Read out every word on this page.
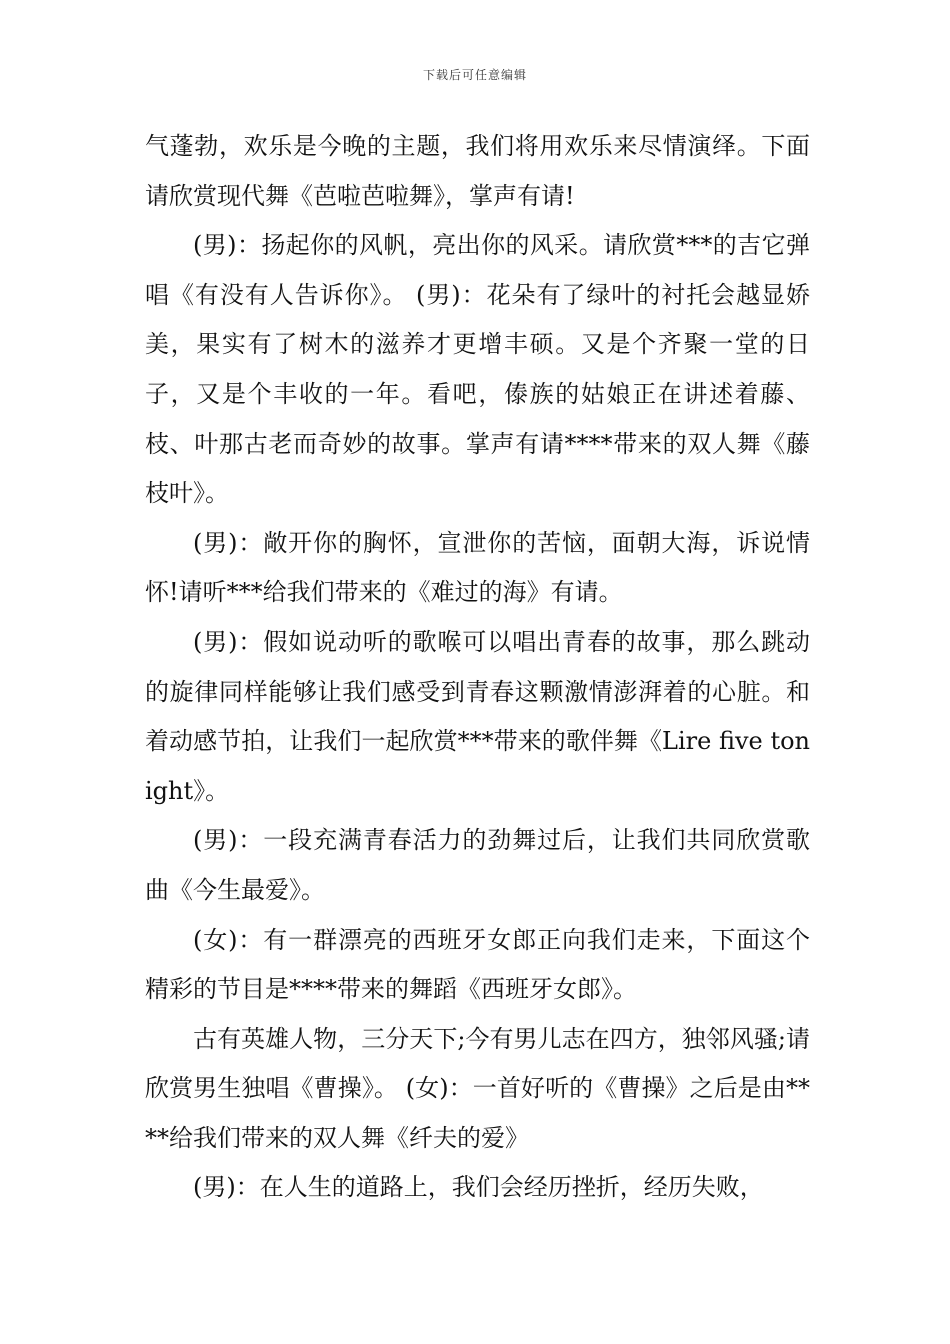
下载后可任意编辑

气蓬勃，欢乐是今晚的主题，我们将用欢乐来尽情演绎。下面请欣赏现代舞《芭啦芭啦舞》，掌声有请!

(男)：扬起你的风帆，亮出你的风采。请欣赏***的吉它弹唱《有没有人告诉你》。 (男)：花朵有了绿叶的衬托会越显娇美，果实有了树木的滋养才更增丰硕。又是个齐聚一堂的日子，又是个丰收的一年。看吧，傣族的姑娘正在讲述着藤、枝、叶那古老而奇妙的故事。掌声有请****带来的双人舞《藤枝叶》。

(男)：敞开你的胸怀，宣泄你的苦恼，面朝大海，诉说情怀!请听***给我们带来的《难过的海》有请。

(男)：假如说动听的歌喉可以唱出青春的故事，那么跳动的旋律同样能够让我们感受到青春这颗激情澎湃着的心脏。和着动感节拍，让我们一起欣赏***带来的歌伴舞《Lire five tonight》。

(男)：一段充满青春活力的劲舞过后，让我们共同欣赏歌曲《今生最爱》。

(女)：有一群漂亮的西班牙女郎正向我们走来，下面这个精彩的节目是****带来的舞蹈《西班牙女郎》。

古有英雄人物，三分天下;今有男儿志在四方，独邻风骚;请欣赏男生独唱《曹操》。 (女)：一首好听的《曹操》之后是由****给我们带来的双人舞《纤夫的爱》

(男)：在人生的道路上，我们会经历挫折，经历失败，
